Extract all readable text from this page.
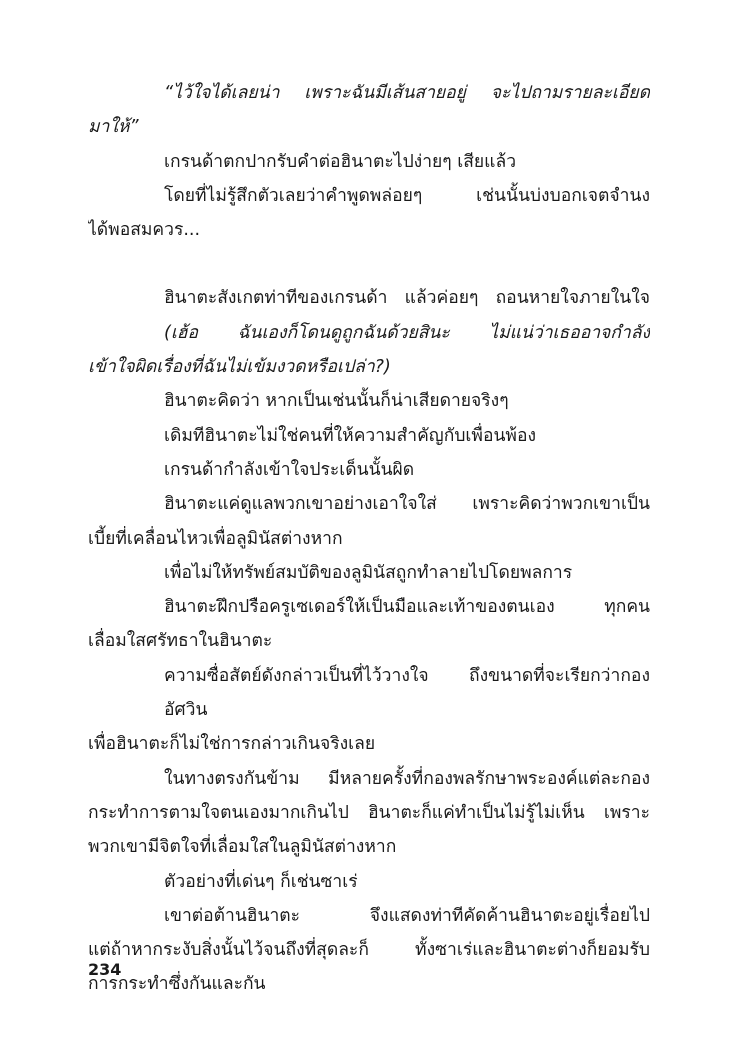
“ไว้ใจได้เลยน่า เพราะฉันมีเส้นสายอยู่ จะไปถามรายละเอียด

มาให้”

เกรนด้าตกปากรับคำต่อฮินาตะไปง่ายๆ เสียแล้ว

โดยที่ไม่รู้สึกตัวเลยว่าคำพูดพล่อยๆ เช่นนั้นบ่งบอกเจตจำนง

ได้พอสมควร...

ฮินาตะสังเกตท่าทีของเกรนด้า แล้วค่อยๆ ถอนหายใจภายในใจ

(เฮ้อ ฉันเองก็โดนดูถูกฉันด้วยสินะ ไม่แน่ว่าเธออาจกำลัง

เข้าใจผิดเรื่องที่ฉันไม่เข้มงวดหรือเปล่า?)

ฮินาตะคิดว่า หากเป็นเช่นนั้นก็น่าเสียดายจริงๆ

เดิมทีฮินาตะไม่ใช่คนที่ให้ความสำคัญกับเพื่อนพ้อง

เกรนด้ากำลังเข้าใจประเด็นนั้นผิด

ฮินาตะแค่ดูแลพวกเขาอย่างเอาใจใส่ เพราะคิดว่าพวกเขาเป็น

เบี้ยที่เคลื่อนไหวเพื่อลูมินัสต่างหาก

เพื่อไม่ให้ทรัพย์สมบัติของลูมินัสถูกทำลายไปโดยพลการ

ฮินาตะฝึกปรือครูเซเดอร์ให้เป็นมือและเท้าของตนเอง ทุกคน

เลื่อมใสศรัทธาในฮินาตะ

ความซื่อสัตย์ดังกล่าวเป็นที่ไว้วางใจ ถึงขนาดที่จะเรียกว่ากองอัศวิน

เพื่อฮินาตะก็ไม่ใช่การกล่าวเกินจริงเลย

ในทางตรงกันข้าม มีหลายครั้งที่กองพลรักษาพระองค์แต่ละกอง

กระทำการตามใจตนเองมากเกินไป ฮินาตะก็แค่ทำเป็นไม่รู้ไม่เห็น เพราะ

พวกเขามีจิตใจที่เลื่อมใสในลูมินัสต่างหาก

ตัวอย่างที่เด่นๆ ก็เช่นซาเร่

เขาต่อต้านฮินาตะ จึงแสดงท่าทีคัดค้านฮินาตะอยู่เรื่อยไป

แต่ถ้าหากระงับสิ่งนั้นไว้จนถึงที่สุดละก็ ทั้งซาเร่และฮินาตะต่างก็ยอมรับ

การกระทำซึ่งกันและกัน

234
